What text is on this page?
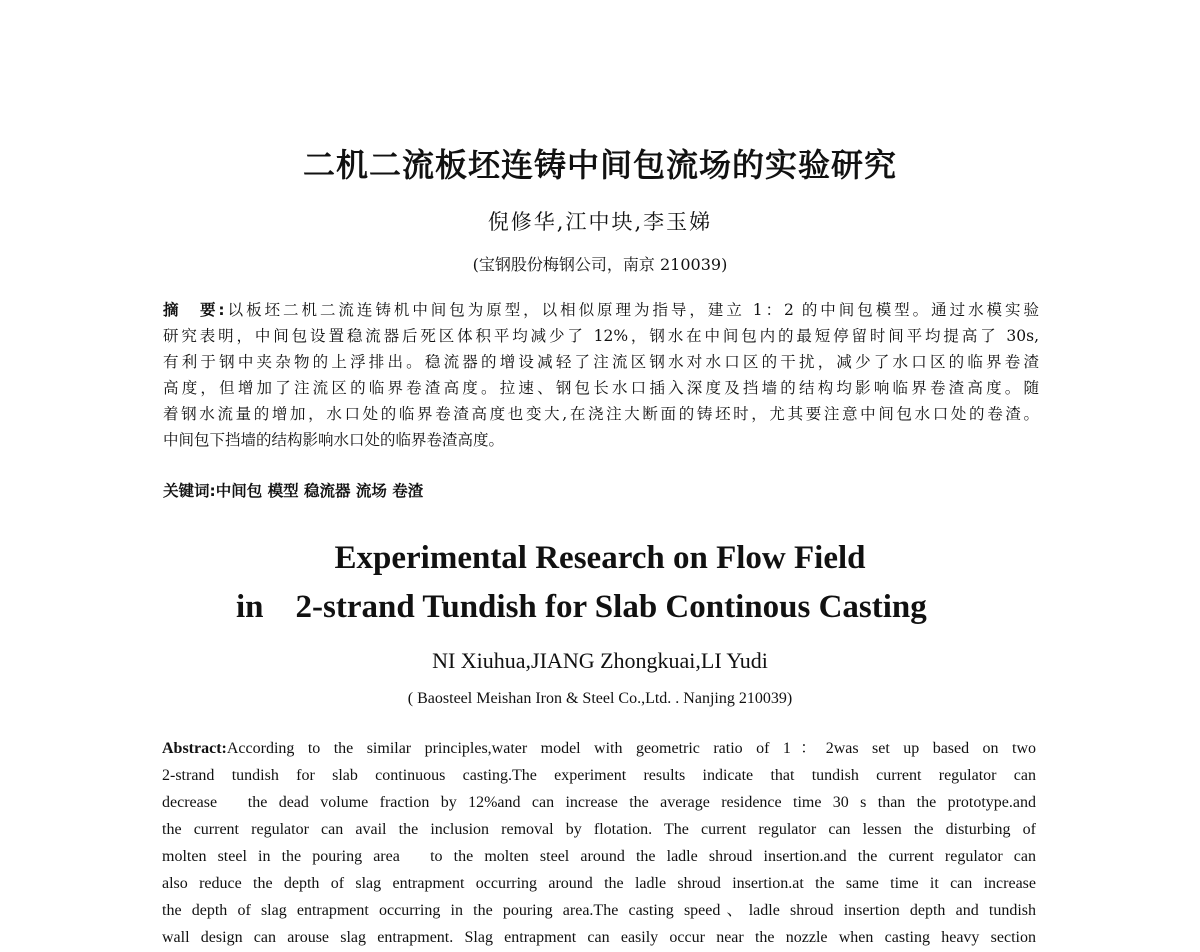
二机二流板坯连铸中间包流场的实验研究
倪修华,江中块,李玉娣
(宝钢股份梅钢公司，南京 210039)
摘　要:以板坯二机二流连铸机中间包为原型，以相似原理为指导，建立 1：2 的中间包模型。通过水模实验
研究表明，中间包设置稳流器后死区体积平均减少了 12%，钢水在中间包内的最短停留时间平均提高了 30s,
有利于钢中夹杂物的上浮排出。稳流器的增设减轻了注流区钢水对水口区的干扰，减少了水口区的临界卷渣
高度，但增加了注流区的临界卷渣高度。拉速、钢包长水口插入深度及挡墙的结构均影响临界卷渣高度。随
着钢水流量的增加，水口处的临界卷渣高度也变大,在浇注大断面的铸坯时，尤其要注意中间包水口处的卷渣。
中间包下挡墙的结构影响水口处的临界卷渣高度。
关键词:中间包 模型 稳流器 流场 卷渣
Experimental Research on Flow Field
in 2-strand Tundish for Slab Continous Casting
NI Xiuhua,JIANG Zhongkuai,LI Yudi
( Baosteel Meishan Iron & Steel Co.,Ltd. . Nanjing 210039)
Abstract:According to the similar principles,water model with geometric ratio of 1：2was set up based on two
2-strand tundish for slab continuous casting.The experiment results indicate that tundish current regulator can
decrease　the dead volume fraction by 12%and can increase the average residence time 30 s than the prototype.and
the current regulator can avail the inclusion removal by flotation. The current regulator can lessen the disturbing of
molten steel in the pouring area　to the molten steel around the ladle shroud insertion.and the current regulator can
also reduce the depth of slag entrapment occurring around the ladle shroud insertion.at the same time it can increase
the depth of slag entrapment occurring in the pouring area.The casting speed、ladle shroud insertion depth and tundish
wall design can arouse slag entrapment. Slag entrapment can easily occur near the nozzle when casting heavy section
